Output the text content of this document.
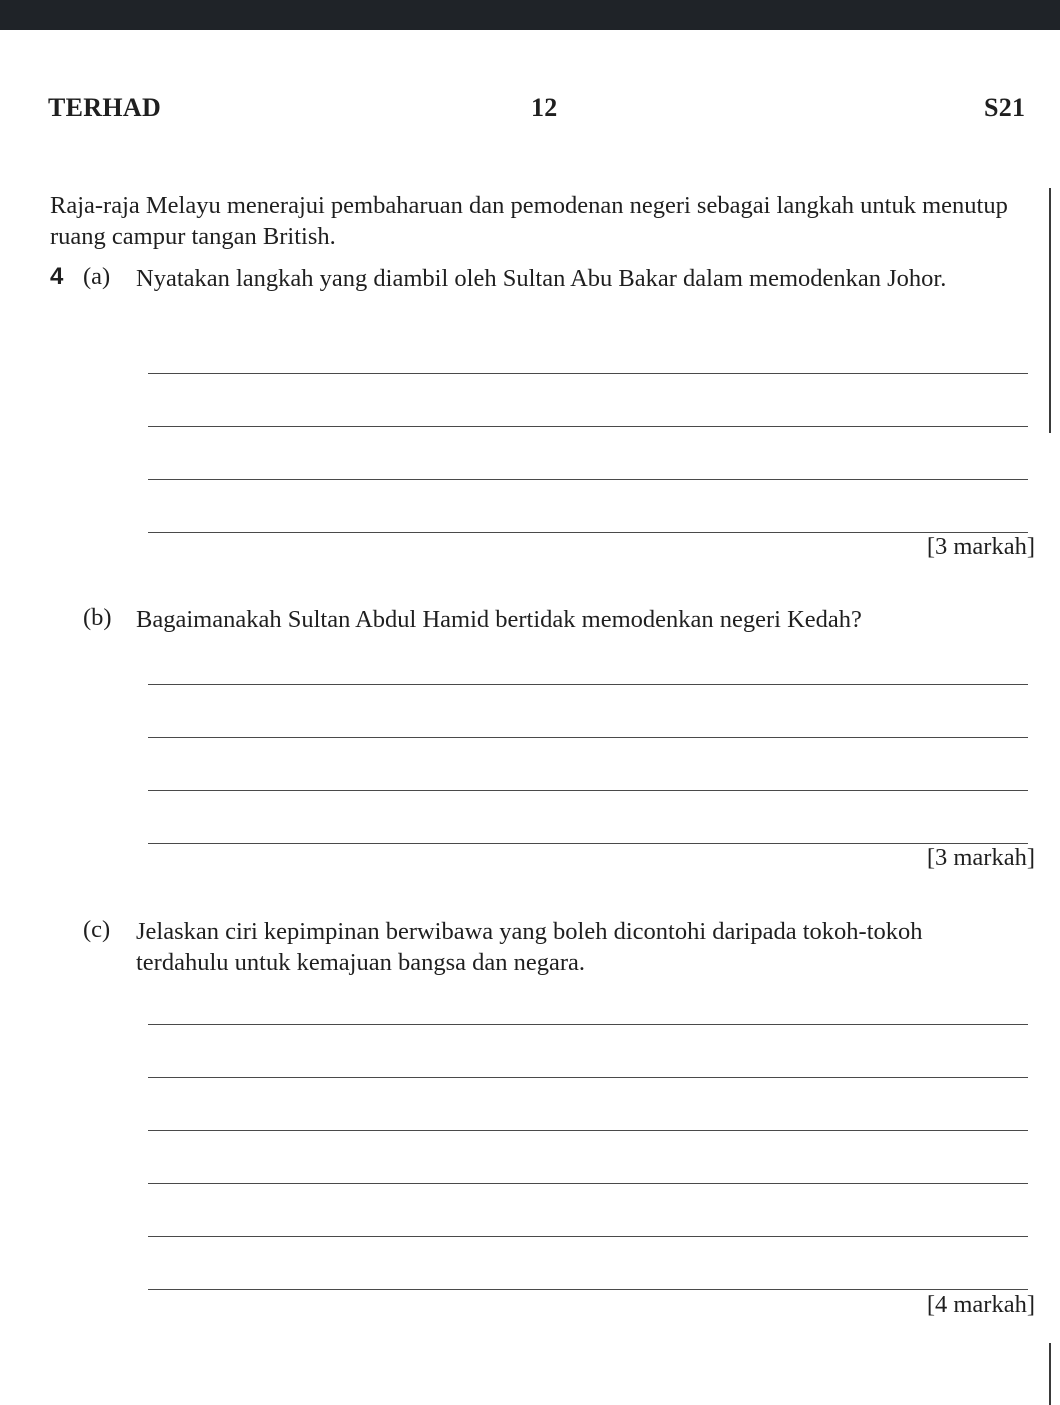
TERHAD	12	S21
Raja-raja Melayu menerajui pembaharuan dan pemodenan negeri sebagai langkah untuk menutup ruang campur tangan British.
4 (a) Nyatakan langkah yang diambil oleh Sultan Abu Bakar dalam memodenkan Johor.
[3 markah]
(b) Bagaimanakah Sultan Abdul Hamid bertidak memodenkan negeri Kedah?
[3 markah]
(c) Jelaskan ciri kepimpinan berwibawa yang boleh dicontohi daripada tokoh-tokoh terdahulu untuk kemajuan bangsa dan negara.
[4 markah]
